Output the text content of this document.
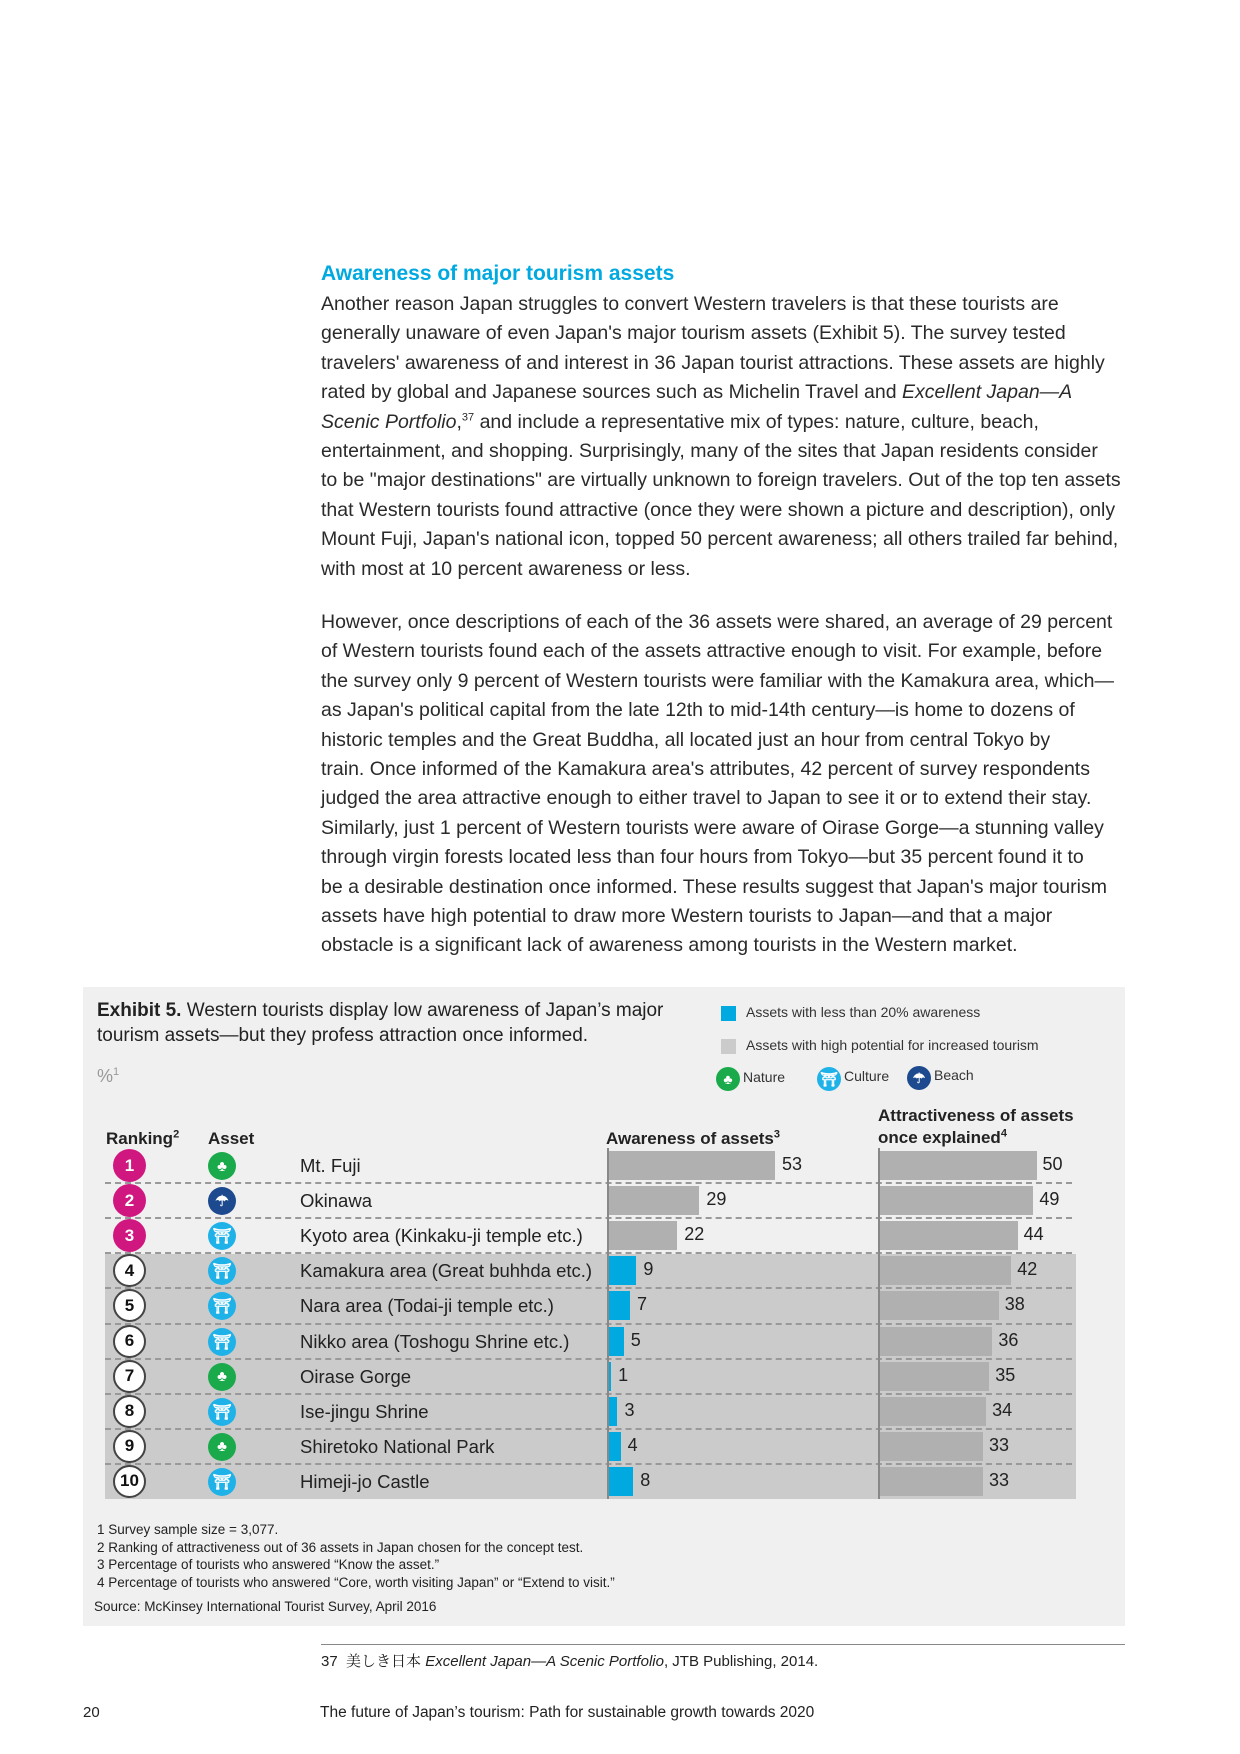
Awareness of major tourism assets
Another reason Japan struggles to convert Western travelers is that these tourists are
generally unaware of even Japan's major tourism assets (Exhibit 5). The survey tested
travelers' awareness of and interest in 36 Japan tourist attractions. These assets are highly
rated by global and Japanese sources such as Michelin Travel and Excellent Japan—A
Scenic Portfolio,$^{37}$ and include a representative mix of types: nature, culture, beach,
entertainment, and shopping. Surprisingly, many of the sites that Japan residents consider
to be "major destinations" are virtually unknown to foreign travelers. Out of the top ten assets
that Western tourists found attractive (once they were shown a picture and description), only
Mount Fuji, Japan's national icon, topped 50 percent awareness; all others trailed far behind,
with most at 10 percent awareness or less.
However, once descriptions of each of the 36 assets were shared, an average of 29 percent
of Western tourists found each of the assets attractive enough to visit. For example, before
the survey only 9 percent of Western tourists were familiar with the Kamakura area, which—
as Japan's political capital from the late 12th to mid-14th century—is home to dozens of
historic temples and the Great Buddha, all located just an hour from central Tokyo by
train. Once informed of the Kamakura area's attributes, 42 percent of survey respondents
judged the area attractive enough to either travel to Japan to see it or to extend their stay.
Similarly, just 1 percent of Western tourists were aware of Oirase Gorge—a stunning valley
through virgin forests located less than four hours from Tokyo—but 35 percent found it to
be a desirable destination once informed. These results suggest that Japan's major tourism
assets have high potential to draw more Western tourists to Japan—and that a major
obstacle is a significant lack of awareness among tourists in the Western market.
Exhibit 5. Western tourists display low awareness of Japan’s major tourism assets—but they profess attraction once informed.
%$^1$
Assets with less than 20% awareness
Assets with high potential for increased tourism
♣ Nature	⛩ Culture	☂ Beach
Ranking$^2$ Asset	Awareness of assets$^3$
Attractiveness of assets
once explained$^4$
1	♣	Mt. Fuji	53	50
2	☂	Okinawa	29	49
3	⛩	Kyoto area (Kinkaku-ji temple etc.)	22	44
4	⛩	Kamakura area (Great buhhda etc.)	9	42
5	⛩	Nara area (Todai-ji temple etc.)	7	38
6	⛩	Nikko area (Toshogu Shrine etc.)	5	36
7	♣	Oirase Gorge	1	35
8	⛩	Ise-jingu Shrine	3	34
9	♣	Shiretoko National Park	4	33
10	⛩	Himeji-jo Castle	8	33
1 Survey sample size = 3,077.
2 Ranking of attractiveness out of 36 assets in Japan chosen for the concept test.
3 Percentage of tourists who answered “Know the asset.”
4 Percentage of tourists who answered “Core, worth visiting Japan” or “Extend to visit.”
Source: McKinsey International Tourist Survey, April 2016
37 美しき日本 Excellent Japan—A Scenic Portfolio, JTB Publishing, 2014.
20	The future of Japan’s tourism: Path for sustainable growth towards 2020
